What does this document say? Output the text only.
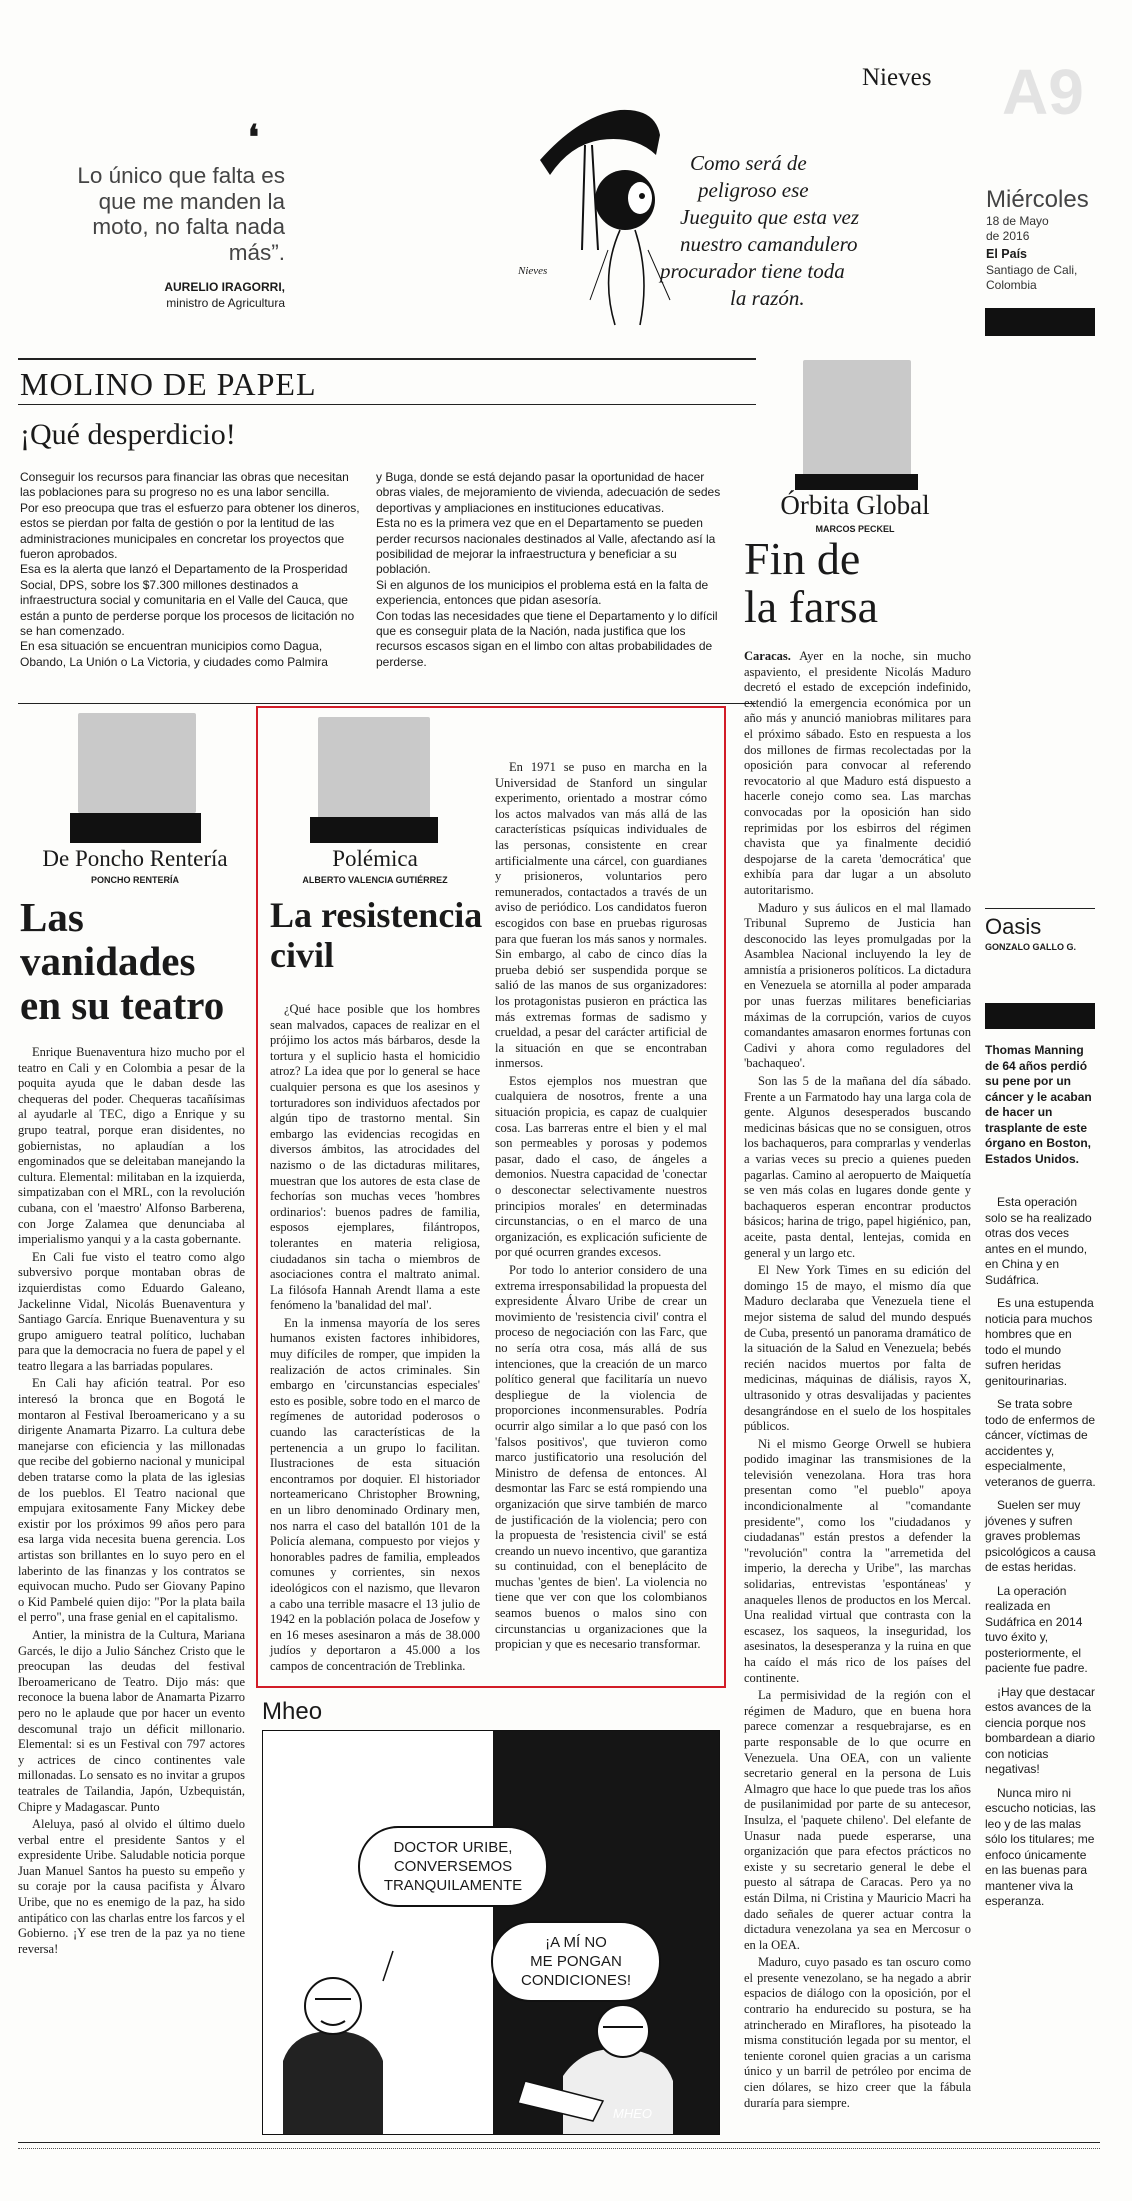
Nieves A9
Miércoles
18 de Mayo de 2016
El País
Santiago de Cali, Colombia
❛
Lo único que falta es que me manden la moto, no falta nada más”.
AURELIO IRAGORRI,
ministro de Agricultura
Nieves
Como será de
peligroso ese
Jueguito que esta vez
nuestro camandulero
procurador tiene toda
la razón.
MOLINO DE PAPEL
¡Qué desperdicio!

Conseguir los recursos para financiar las obras que necesitan las poblaciones para su progreso no es una labor sencilla.

Por eso preocupa que tras el esfuerzo para obtener los dineros, estos se pierdan por falta de gestión o por la lentitud de las administraciones municipales en concretar los proyectos que fueron aprobados.

Esa es la alerta que lanzó el Departamento de la Prosperidad Social, DPS, sobre los $7.300 millones destinados a infraestructura social y comunitaria en el Valle del Cauca, que están a punto de perderse porque los procesos de licitación no se han comenzado.

En esa situación se encuentran municipios como Dagua, Obando, La Unión o La Victoria, y ciudades como Palmira

y Buga, donde se está dejando pasar la oportunidad de hacer obras viales, de mejoramiento de vivienda, adecuación de sedes deportivas y ampliaciones en instituciones educativas.

Esta no es la primera vez que en el Departamento se pueden perder recursos nacionales destinados al Valle, afectando así la posibilidad de mejorar la infraestructura y beneficiar a su población.

Si en algunos de los municipios el problema está en la falta de experiencia, entonces que pidan asesoría.

Con todas las necesidades que tiene el Departamento y lo difícil que es conseguir plata de la Nación, nada justifica que los recursos escasos sigan en el limbo con altas probabilidades de perderse.

Órbita Global
MARCOS PECKEL
Fin de
la farsa

Caracas. Ayer en la noche, sin mucho aspaviento, el presidente Nicolás Maduro decretó el estado de excepción indefinido, extendió la emergencia económica por un año más y anunció maniobras militares para el próximo sábado. Esto en respuesta a los dos millones de firmas recolectadas por la oposición para convocar al referendo revocatorio al que Maduro está dispuesto a hacerle conejo como sea. Las marchas convocadas por la oposición han sido reprimidas por los esbirros del régimen chavista que ya finalmente decidió despojarse de la careta 'democrática' que exhibía para dar lugar a un absoluto autoritarismo.

Maduro y sus áulicos en el mal llamado Tribunal Supremo de Justicia han desconocido las leyes promulgadas por la Asamblea Nacional incluyendo la ley de amnistía a prisioneros políticos. La dictadura en Venezuela se atornilla al poder amparada por unas fuerzas militares beneficiarias máximas de la corrupción, varios de cuyos comandantes amasaron enormes fortunas con Cadivi y ahora como reguladores del 'bachaqueo'.

Son las 5 de la mañana del día sábado. Frente a un Farmatodo hay una larga cola de gente. Algunos desesperados buscando medicinas básicas que no se consiguen, otros los bachaqueros, para comprarlas y venderlas a varias veces su precio a quienes pueden pagarlas. Camino al aeropuerto de Maiquetía se ven más colas en lugares donde gente y bachaqueros esperan encontrar productos básicos; harina de trigo, papel higiénico, pan, aceite, pasta dental, lentejas, comida en general y un largo etc.

El New York Times en su edición del domingo 15 de mayo, el mismo día que Maduro declaraba que Venezuela tiene el mejor sistema de salud del mundo después de Cuba, presentó un panorama dramático de la situación de la Salud en Venezuela; bebés recién nacidos muertos por falta de medicinas, máquinas de diálisis, rayos X, ultrasonido y otras desvalijadas y pacientes desangrándose en el suelo de los hospitales públicos.

Ni el mismo George Orwell se hubiera podido imaginar las transmisiones de la televisión venezolana. Hora tras hora presentan como "el pueblo" apoya incondicionalmente al "comandante presidente", como los "ciudadanos y ciudadanas" están prestos a defender la "revolución" contra la "arremetida del imperio, la derecha y Uribe", las marchas solidarias, entrevistas 'espontáneas' y anaqueles llenos de productos en los Mercal. Una realidad virtual que contrasta con la escasez, los saqueos, la inseguridad, los asesinatos, la desesperanza y la ruina en que ha caído el más rico de los países del continente.

La permisividad de la región con el régimen de Maduro, que en buena hora parece comenzar a resquebrajarse, es en parte responsable de lo que ocurre en Venezuela. Una OEA, con un valiente secretario general en la persona de Luis Almagro que hace lo que puede tras los años de pusilanimidad por parte de su antecesor, Insulza, el 'paquete chileno'. Del elefante de Unasur nada puede esperarse, una organización que para efectos prácticos no existe y su secretario general le debe el puesto al sátrapa de Caracas. Pero ya no están Dilma, ni Cristina y Mauricio Macri ha dado señales de querer actuar contra la dictadura venezolana ya sea en Mercosur o en la OEA.

Maduro, cuyo pasado es tan oscuro como el presente venezolano, se ha negado a abrir espacios de diálogo con la oposición, por el contrario ha endurecido su postura, se ha atrincherado en Miraflores, ha pisoteado la misma constitución legada por su mentor, el teniente coronel quien gracias a un carisma único y un barril de petróleo por encima de cien dólares, se hizo creer que la fábula duraría para siempre.

De Poncho Rentería
PONCHO RENTERÍA
Las
vanidades
en su teatro

Enrique Buenaventura hizo mucho por el teatro en Cali y en Colombia a pesar de la poquita ayuda que le daban desde las chequeras del poder. Chequeras tacañísimas al ayudarle al TEC, digo a Enrique y su grupo teatral, porque eran disidentes, no gobiernistas, no aplaudían a los engominados que se deleitaban manejando la cultura. Elemental: militaban en la izquierda, simpatizaban con el MRL, con la revolución cubana, con el 'maestro' Alfonso Barberena, con Jorge Zalamea que denunciaba al imperialismo yanqui y a la casta gobernante.

En Cali fue visto el teatro como algo subversivo porque montaban obras de izquierdistas como Eduardo Galeano, Jackelinne Vidal, Nicolás Buenaventura y Santiago García. Enrique Buenaventura y su grupo amiguero teatral político, luchaban para que la democracia no fuera de papel y el teatro llegara a las barriadas populares.

En Cali hay afición teatral. Por eso interesó la bronca que en Bogotá le montaron al Festival Iberoamericano y a su dirigente Anamarta Pizarro. La cultura debe manejarse con eficiencia y las millonadas que recibe del gobierno nacional y municipal deben tratarse como la plata de las iglesias de los pueblos. El Teatro nacional que empujara exitosamente Fany Mickey debe existir por los próximos 99 años pero para esa larga vida necesita buena gerencia. Los artistas son brillantes en lo suyo pero en el laberinto de las finanzas y los contratos se equivocan mucho. Pudo ser Giovany Papino o Kid Pambelé quien dijo: "Por la plata baila el perro", una frase genial en el capitalismo.

Antier, la ministra de la Cultura, Mariana Garcés, le dijo a Julio Sánchez Cristo que le preocupan las deudas del festival Iberoamericano de Teatro. Dijo más: que reconoce la buena labor de Anamarta Pizarro pero no le aplaude que por hacer un evento descomunal trajo un déficit millonario. Elemental: si es un Festival con 797 actores y actrices de cinco continentes vale millonadas. Lo sensato es no invitar a grupos teatrales de Tailandia, Japón, Uzbequistán, Chipre y Madagascar. Punto

Aleluya, pasó al olvido el último duelo verbal entre el presidente Santos y el expresidente Uribe. Saludable noticia porque Juan Manuel Santos ha puesto su empeño y su coraje por la causa pacifista y Álvaro Uribe, que no es enemigo de la paz, ha sido antipático con las charlas entre los farcos y el Gobierno. ¡Y ese tren de la paz ya no tiene reversa!

Polémica
ALBERTO VALENCIA GUTIÉRREZ
La resistencia
civil

¿Qué hace posible que los hombres sean malvados, capaces de realizar en el prójimo los actos más bárbaros, desde la tortura y el suplicio hasta el homicidio atroz? La idea que por lo general se hace cualquier persona es que los asesinos y torturadores son individuos afectados por algún tipo de trastorno mental. Sin embargo las evidencias recogidas en diversos ámbitos, las atrocidades del nazismo o de las dictaduras militares, muestran que los autores de esta clase de fechorías son muchas veces 'hombres ordinarios': buenos padres de familia, esposos ejemplares, filántropos, tolerantes en materia religiosa, ciudadanos sin tacha o miembros de asociaciones contra el maltrato animal. La filósofa Hannah Arendt llama a este fenómeno la 'banalidad del mal'.

En la inmensa mayoría de los seres humanos existen factores inhibidores, muy difíciles de romper, que impiden la realización de actos criminales. Sin embargo en 'circunstancias especiales' esto es posible, sobre todo en el marco de regímenes de autoridad poderosos o cuando las características de la pertenencia a un grupo lo facilitan. Ilustraciones de esta situación encontramos por doquier. El historiador norteamericano Christopher Browning, en un libro denominado Ordinary men, nos narra el caso del batallón 101 de la Policía alemana, compuesto por viejos y honorables padres de familia, empleados comunes y corrientes, sin nexos ideológicos con el nazismo, que llevaron a cabo una terrible masacre el 13 julio de 1942 en la población polaca de Josefow y en 16 meses asesinaron a más de 38.000 judíos y deportaron a 45.000 a los campos de concentración de Treblinka.

En 1971 se puso en marcha en la Universidad de Stanford un singular experimento, orientado a mostrar cómo los actos malvados van más allá de las características psíquicas individuales de las personas, consistente en crear artificialmente una cárcel, con guardianes y prisioneros, voluntarios pero remunerados, contactados a través de un aviso de periódico. Los candidatos fueron escogidos con base en pruebas rigurosas para que fueran los más sanos y normales. Sin embargo, al cabo de cinco días la prueba debió ser suspendida porque se salió de las manos de sus organizadores: los protagonistas pusieron en práctica las más extremas formas de sadismo y crueldad, a pesar del carácter artificial de la situación en que se encontraban inmersos.

Estos ejemplos nos muestran que cualquiera de nosotros, frente a una situación propicia, es capaz de cualquier cosa. Las barreras entre el bien y el mal son permeables y porosas y podemos pasar, dado el caso, de ángeles a demonios. Nuestra capacidad de 'conectar o desconectar selectivamente nuestros principios morales' en determinadas circunstancias, o en el marco de una organización, es explicación suficiente de por qué ocurren grandes excesos.

Por todo lo anterior considero de una extrema irresponsabilidad la propuesta del expresidente Álvaro Uribe de crear un movimiento de 'resistencia civil' contra el proceso de negociación con las Farc, que no sería otra cosa, más allá de sus intenciones, que la creación de un marco político general que facilitaría un nuevo despliegue de la violencia de proporciones inconmensurables. Podría ocurrir algo similar a lo que pasó con los 'falsos positivos', que tuvieron como marco justificatorio una resolución del Ministro de defensa de entonces. Al desmontar las Farc se está rompiendo una organización que sirve también de marco de justificación de la violencia; pero con la propuesta de 'resistencia civil' se está creando un nuevo incentivo, que garantiza su continuidad, con el beneplácito de muchas 'gentes de bien'. La violencia no tiene que ver con que los colombianos seamos buenos o malos sino con circunstancias u organizaciones que la propician y que es necesario transformar.

Mheo
DOCTOR URIBE,
CONVERSEMOS
TRANQUILAMENTE
¡A MÍ NO
ME PONGAN
CONDICIONES!
MHEO
Oasis
GONZALO GALLO G.
Thomas Manning de 64 años perdió su pene por un cáncer y le acaban de hacer un trasplante de este órgano en Boston, Estados Unidos.

Esta operación solo se ha realizado otras dos veces antes en el mundo, en China y en Sudáfrica.

Es una estupenda noticia para muchos hombres que en todo el mundo sufren heridas genitourinarias.

Se trata sobre todo de enfermos de cáncer, víctimas de accidentes y, especialmente, veteranos de guerra.

Suelen ser muy jóvenes y sufren graves problemas psicológicos a causa de estas heridas.

La operación realizada en Sudáfrica en 2014 tuvo éxito y, posteriormente, el paciente fue padre.

¡Hay que destacar estos avances de la ciencia porque nos bombardean a diario con noticias negativas!

Nunca miro ni escucho noticias, las leo y de las malas sólo los titulares; me enfoco únicamente en las buenas para mantener viva la esperanza.
